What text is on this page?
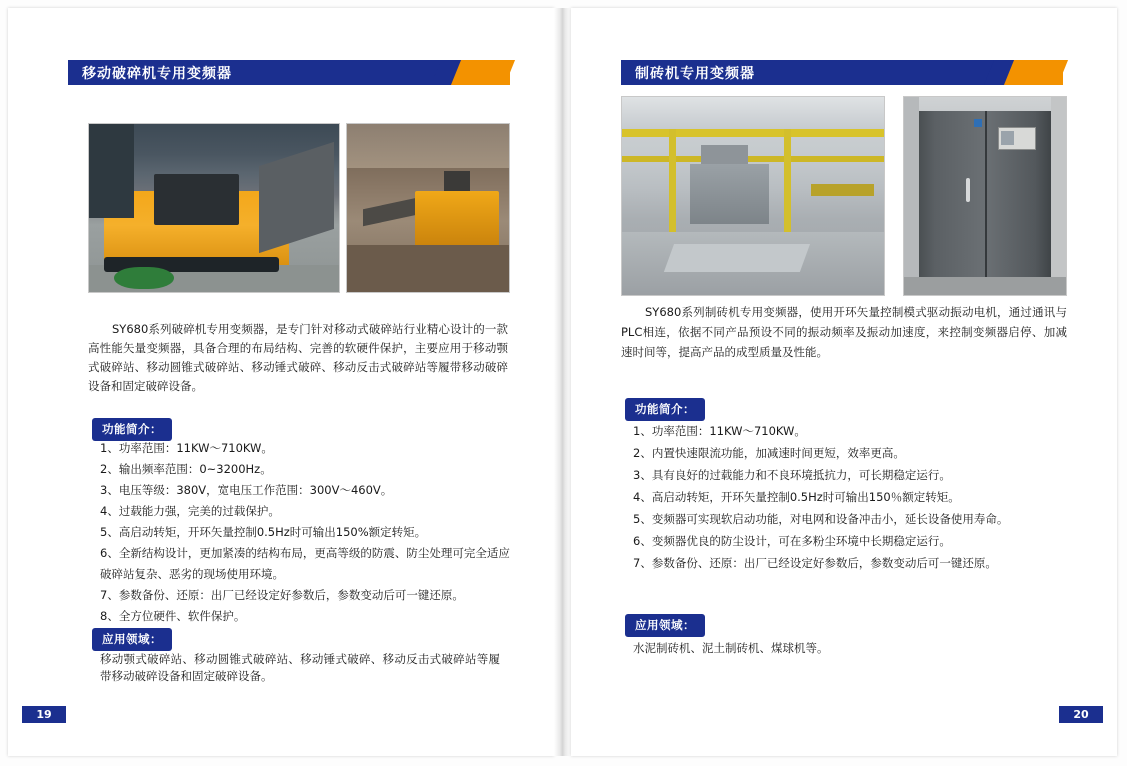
移动破碎机专用变频器
SY680系列破碎机专用变频器，是专门针对移动式破碎站行业精心设计的一款高性能矢量变频器，具备合理的布局结构、完善的软硬件保护，主要应用于移动颚式破碎站、移动圆锥式破碎站、移动锤式破碎、移动反击式破碎站等履带移动破碎设备和固定破碎设备。
功能简介：
1、功率范围：11KW～710KW。
2、输出频率范围：0~3200Hz。
3、电压等级：380V，宽电压工作范围：300V～460V。
4、过载能力强，完美的过载保护。
5、高启动转矩，开环矢量控制0.5Hz时可输出150%额定转矩。
6、全新结构设计，更加紧凑的结构布局，更高等级的防震、防尘处理可完全适应破碎站复杂、恶劣的现场使用环境。
7、参数备份、还原：出厂已经设定好参数后，参数变动后可一键还原。
8、全方位硬件、软件保护。
应用领域：
移动颚式破碎站、移动圆锥式破碎站、移动锤式破碎、移动反击式破碎站等履带移动破碎设备和固定破碎设备。
19
制砖机专用变频器
SY680系列制砖机专用变频器，使用开环矢量控制模式驱动振动电机，通过通讯与PLC相连，依据不同产品预设不同的振动频率及振动加速度，来控制变频器启停、加减速时间等，提高产品的成型质量及性能。
功能简介：
1、功率范围：11KW～710KW。
2、内置快速限流功能，加减速时间更短，效率更高。
3、具有良好的过载能力和不良环境抵抗力，可长期稳定运行。
4、高启动转矩，开环矢量控制0.5Hz时可输出150％额定转矩。
5、变频器可实现软启动功能，对电网和设备冲击小，延长设备使用寿命。
6、变频器优良的防尘设计，可在多粉尘环境中长期稳定运行。
7、参数备份、还原：出厂已经设定好参数后，参数变动后可一键还原。
应用领域：
水泥制砖机、泥土制砖机、煤球机等。
20
